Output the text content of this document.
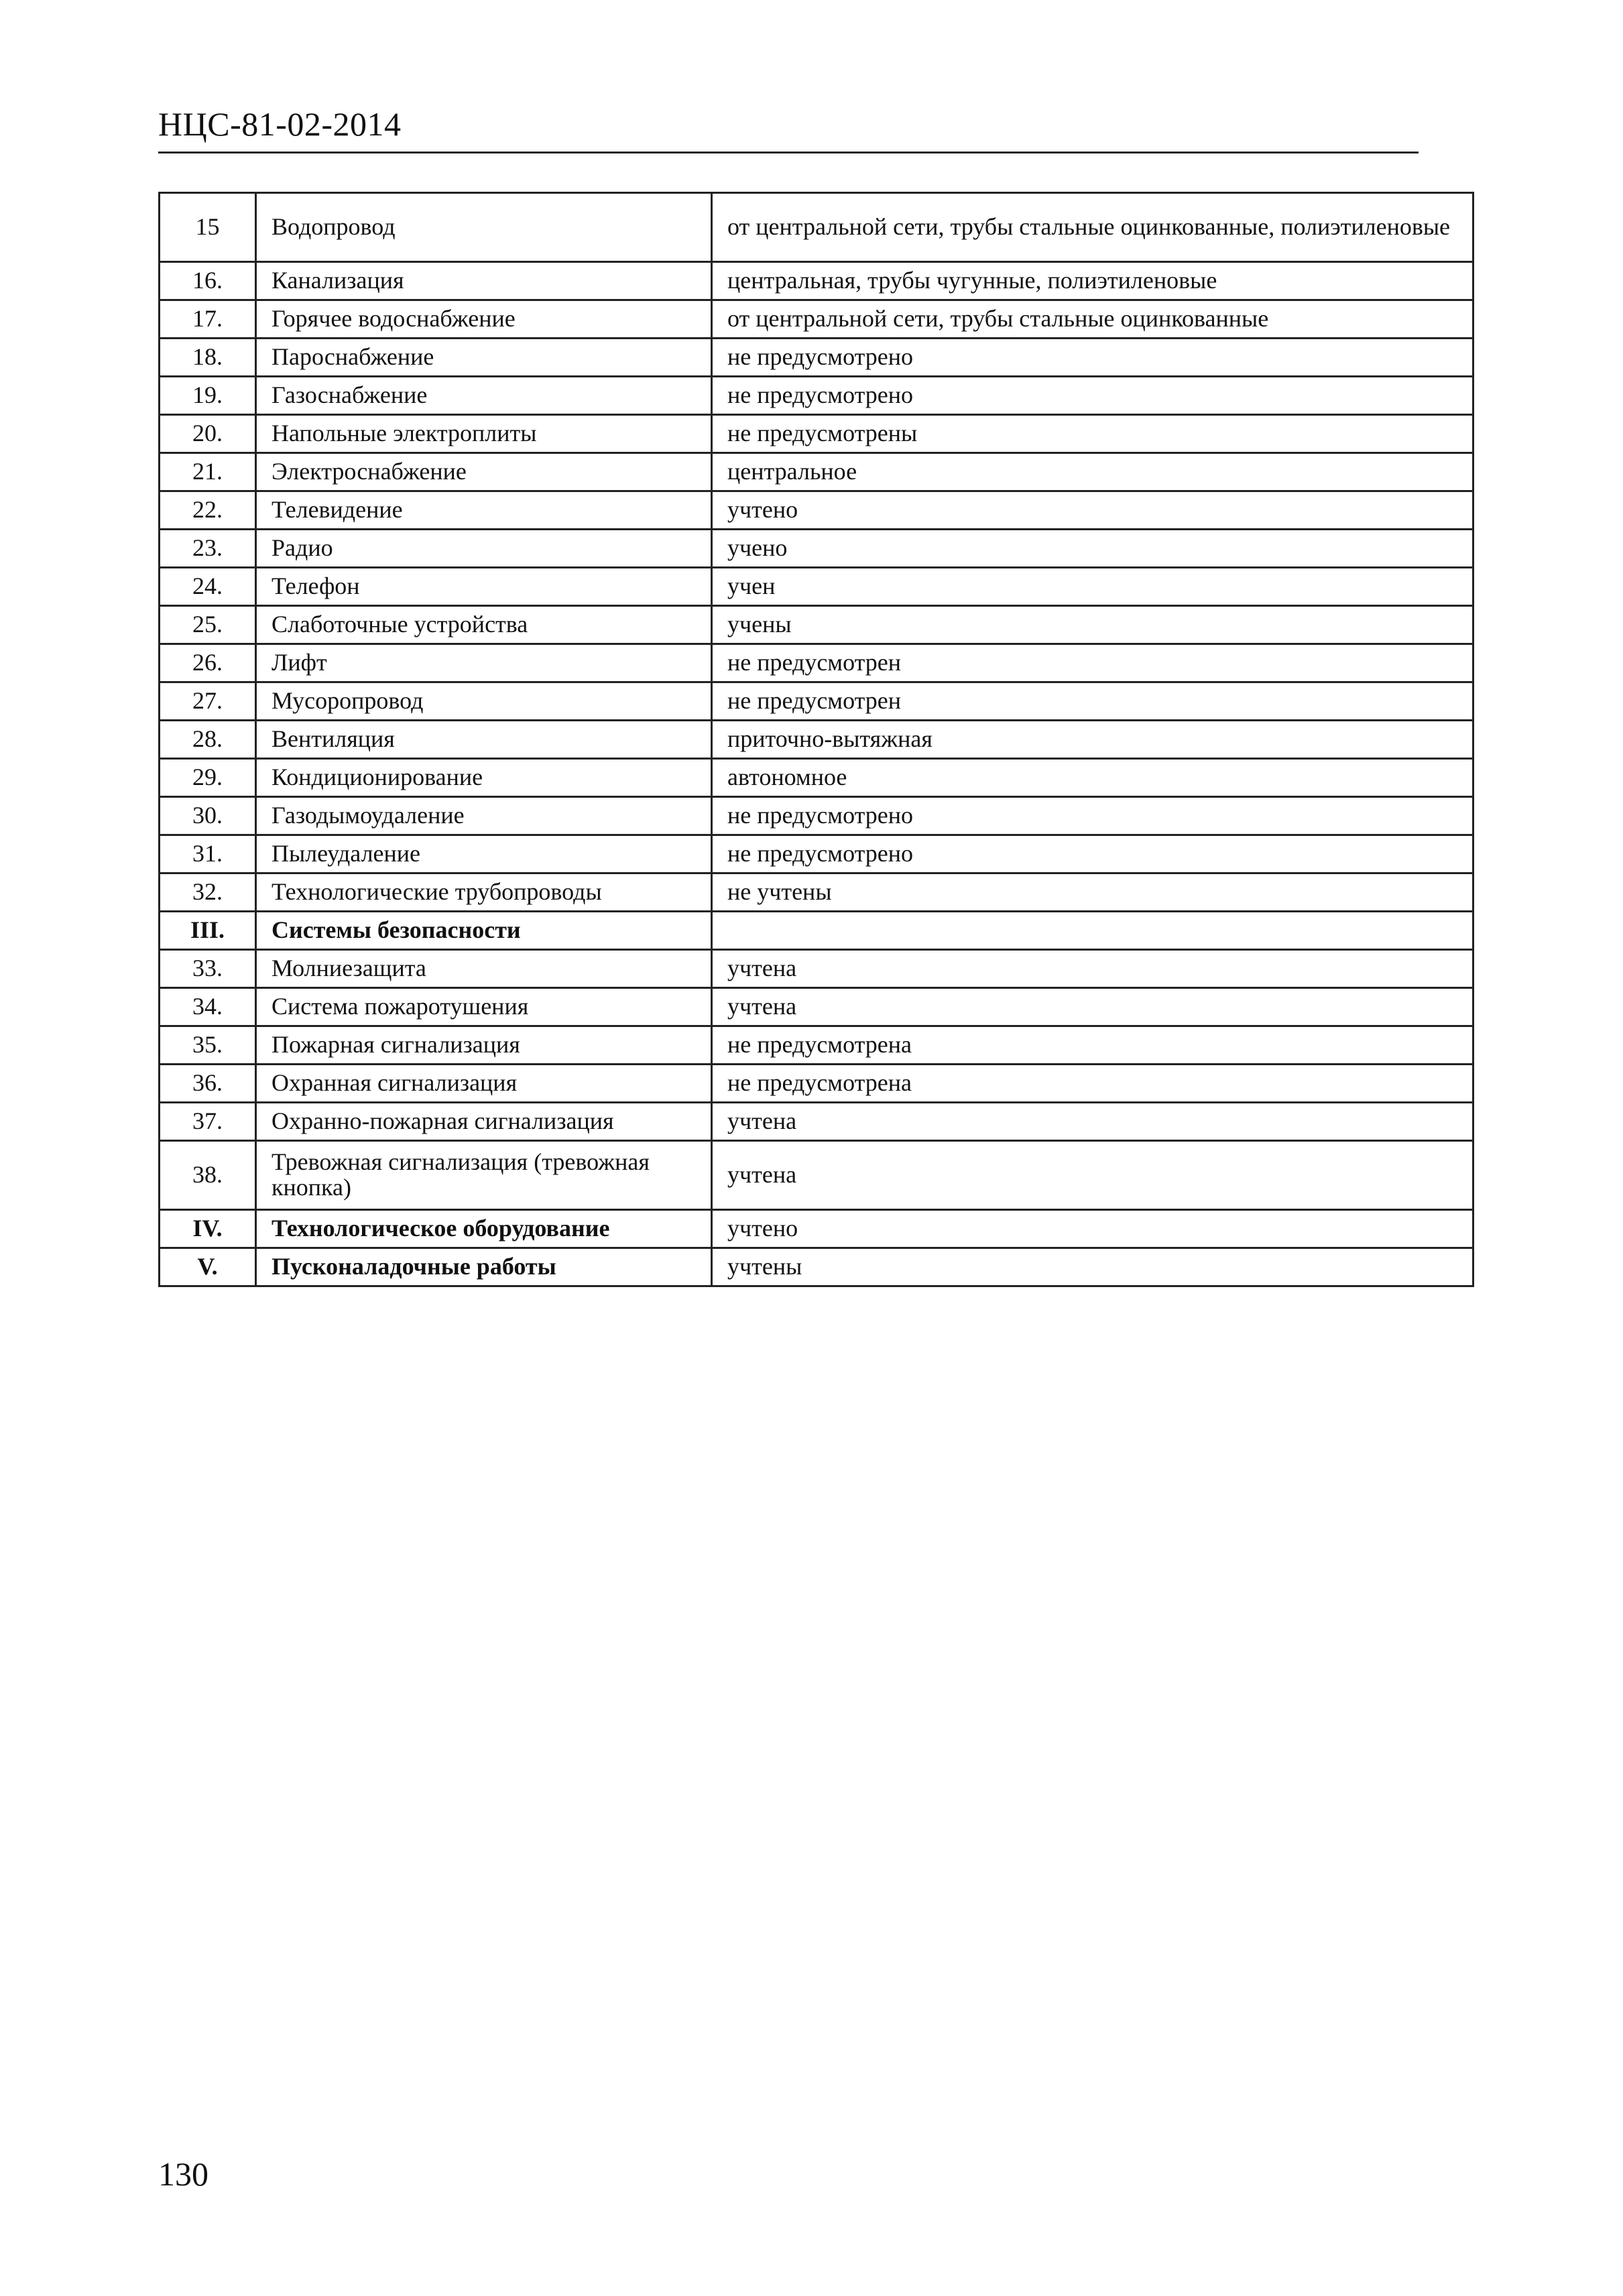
НЦС-81-02-2014
15	Водопровод	от центральной сети, трубы стальные оцинкованные, полиэтиленовые
16.	Канализация	центральная, трубы чугунные, полиэтиленовые
17.	Горячее водоснабжение	от центральной сети, трубы стальные оцинкованные
18.	Пароснабжение	не предусмотрено
19.	Газоснабжение	не предусмотрено
20.	Напольные электроплиты	не предусмотрены
21.	Электроснабжение	центральное
22.	Телевидение	учтено
23.	Радио	учено
24.	Телефон	учен
25.	Слаботочные устройства	учены
26.	Лифт	не предусмотрен
27.	Мусоропровод	не предусмотрен
28.	Вентиляция	приточно-вытяжная
29.	Кондиционирование	автономное
30.	Газодымоудаление	не предусмотрено
31.	Пылеудаление	не предусмотрено
32.	Технологические трубопроводы	не учтены
III.	Системы безопасности	
33.	Молниезащита	учтена
34.	Система пожаротушения	учтена
35.	Пожарная сигнализация	не предусмотрена
36.	Охранная сигнализация	не предусмотрена
37.	Охранно-пожарная сигнализация	учтена
38.	Тревожная сигнализация (тревожная кнопка)	учтена
IV.	Технологическое оборудование	учтено
V.	Пусконаладочные работы	учтены
130
